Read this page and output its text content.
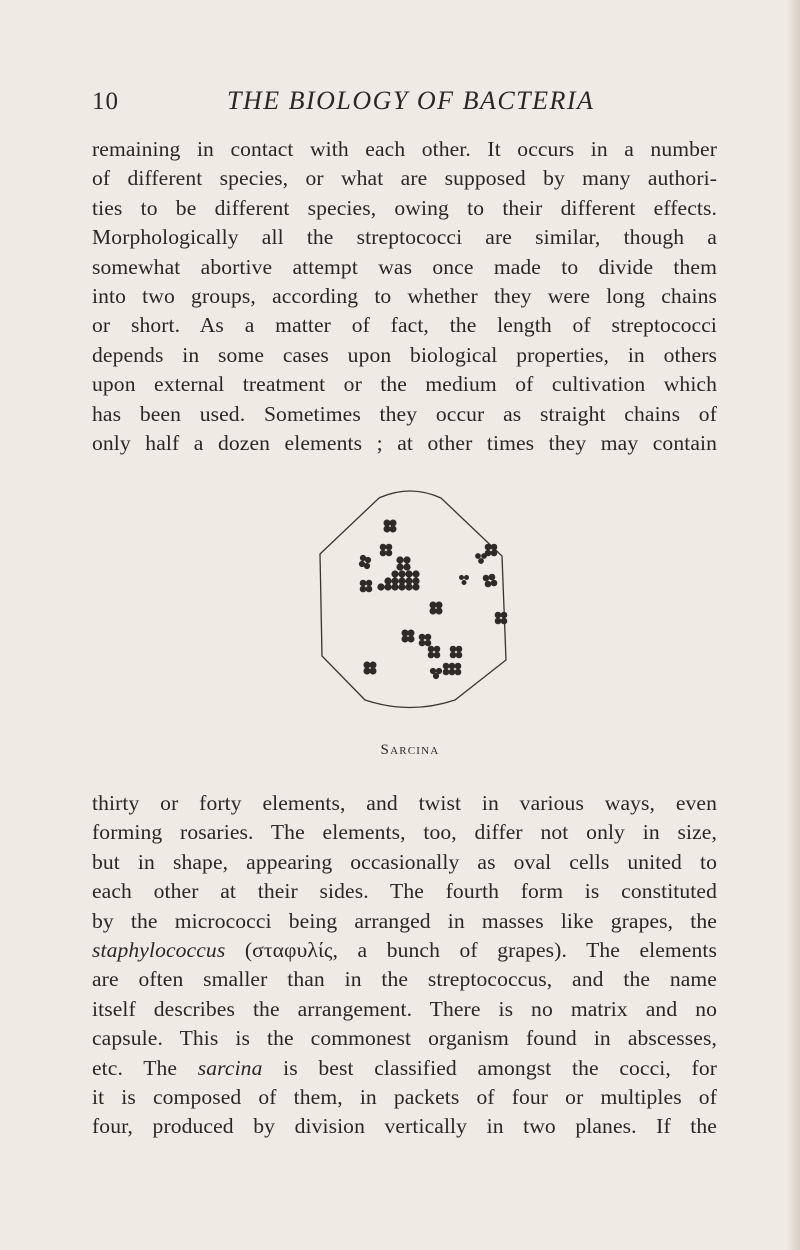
10	THE BIOLOGY OF BACTERIA
remaining in contact with each other. It occurs in a number
of different species, or what are supposed by many authori-
ties to be different species, owing to their different effects.
Morphologically all the streptococci are similar, though a
somewhat abortive attempt was once made to divide them
into two groups, according to whether they were long chains
or short. As a matter of fact, the length of streptococci
depends in some cases upon biological properties, in others
upon external treatment or the medium of cultivation which
has been used. Sometimes they occur as straight chains of
only half a dozen elements ; at other times they may contain
Sarcina
thirty or forty elements, and twist in various ways, even
forming rosaries. The elements, too, differ not only in size,
but in shape, appearing occasionally as oval cells united to
each other at their sides. The fourth form is constituted
by the micrococci being arranged in masses like grapes, the
staphylococcus (σταφυλίς, a bunch of grapes). The elements
are often smaller than in the streptococcus, and the name
itself describes the arrangement. There is no matrix and no
capsule. This is the commonest organism found in abscesses,
etc. The sarcina is best classified amongst the cocci, for
it is composed of them, in packets of four or multiples of
four, produced by division vertically in two planes. If the
